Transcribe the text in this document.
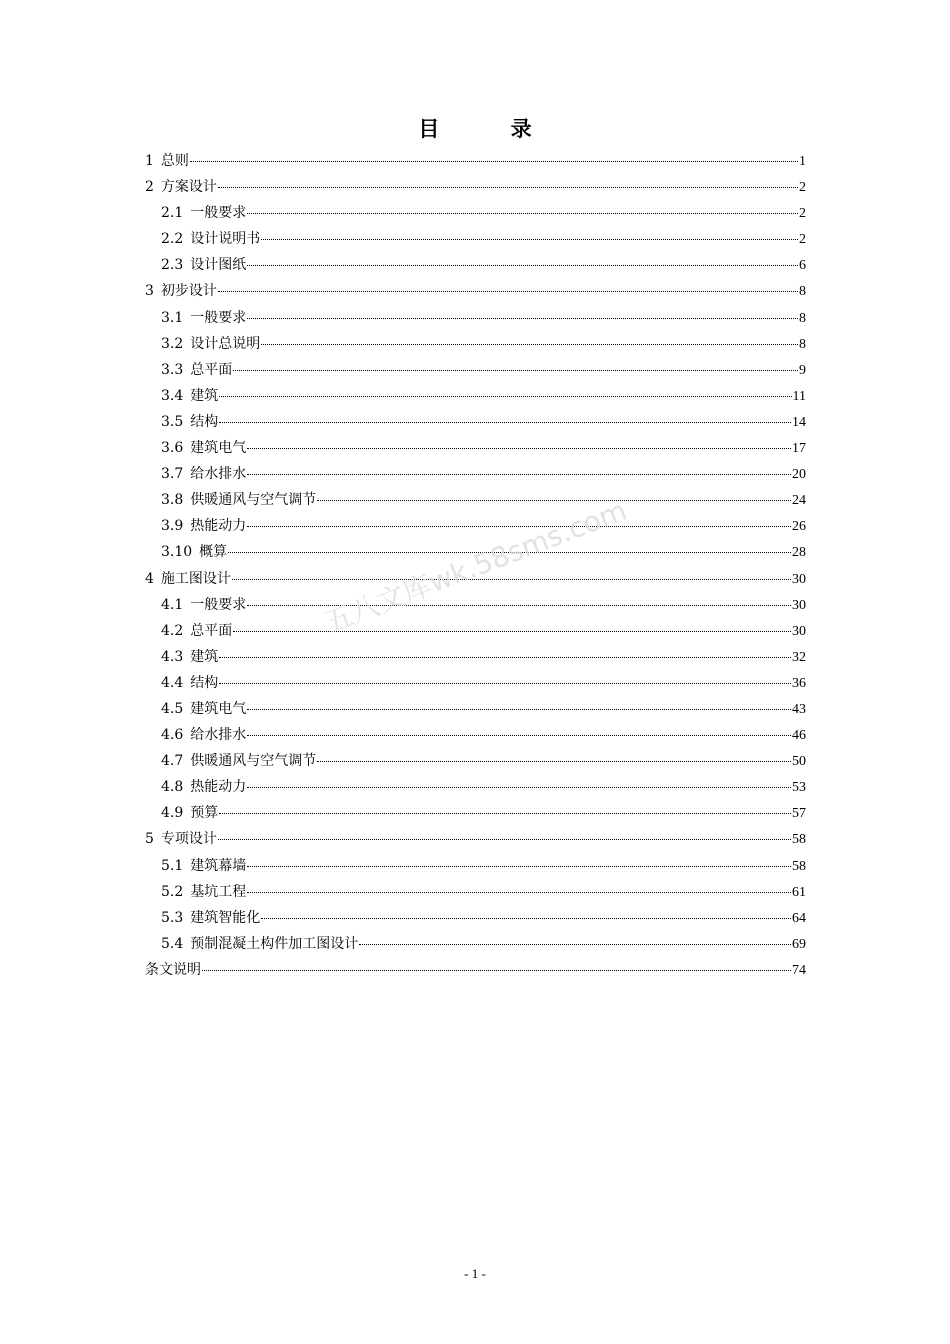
目 录
1 总则	1
2 方案设计	2
2.1 一般要求	2
2.2 设计说明书	2
2.3 设计图纸	6
3 初步设计	8
3.1 一般要求	8
3.2 设计总说明	8
3.3 总平面	9
3.4 建筑	11
3.5 结构	14
3.6 建筑电气	17
3.7 给水排水	20
3.8 供暖通风与空气调节	24
3.9 热能动力	26
3.10 概算	28
4 施工图设计	30
4.1 一般要求	30
4.2 总平面	30
4.3 建筑	32
4.4 结构	36
4.5 建筑电气	43
4.6 给水排水	46
4.7 供暖通风与空气调节	50
4.8 热能动力	53
4.9 预算	57
5 专项设计	58
5.1 建筑幕墙	58
5.2 基坑工程	61
5.3 建筑智能化	64
5.4 预制混凝土构件加工图设计	69
条文说明	74
五八文库wk.58sms.com
- 1 -
